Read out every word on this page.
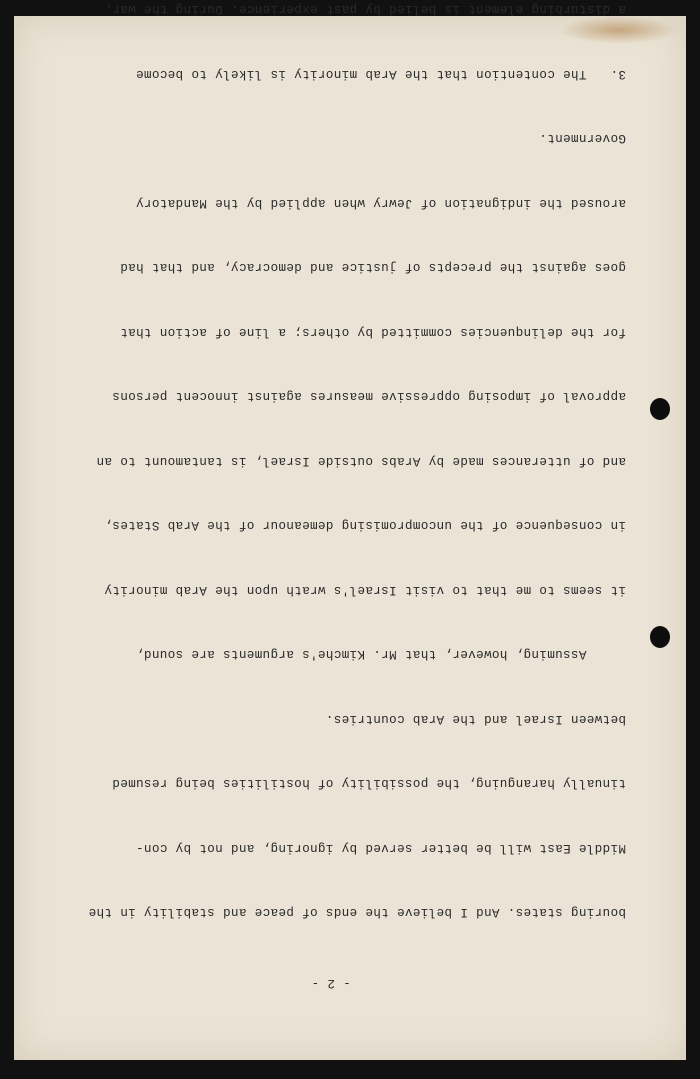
- 2 -

bouring states. And I believe the ends of peace and stability in the

Middle East will be better served by ignoring, and not by con-

tinually haranguing, the possibility of hostilities being resumed

between Israel and the Arab countries.

Assuming, however, that Mr. Kimche's arguments are sound,

it seems to me that to visit Israel's wrath upon the Arab minority

in consequence of the uncompromising demeanour of the Arab States,

and of utterances made by Arabs outside Israel, is tantamount to an

approval of imposing oppressive measures against innocent persons

for the delinquencies committed by others; a line of action that

goes against the precepts of justice and democracy, and that had

aroused the indignation of Jewry when applied by the Mandatory

Government.

3.   The contention that the Arab minority is likely to become

a disturbing element is belied by past experience. During the war,
